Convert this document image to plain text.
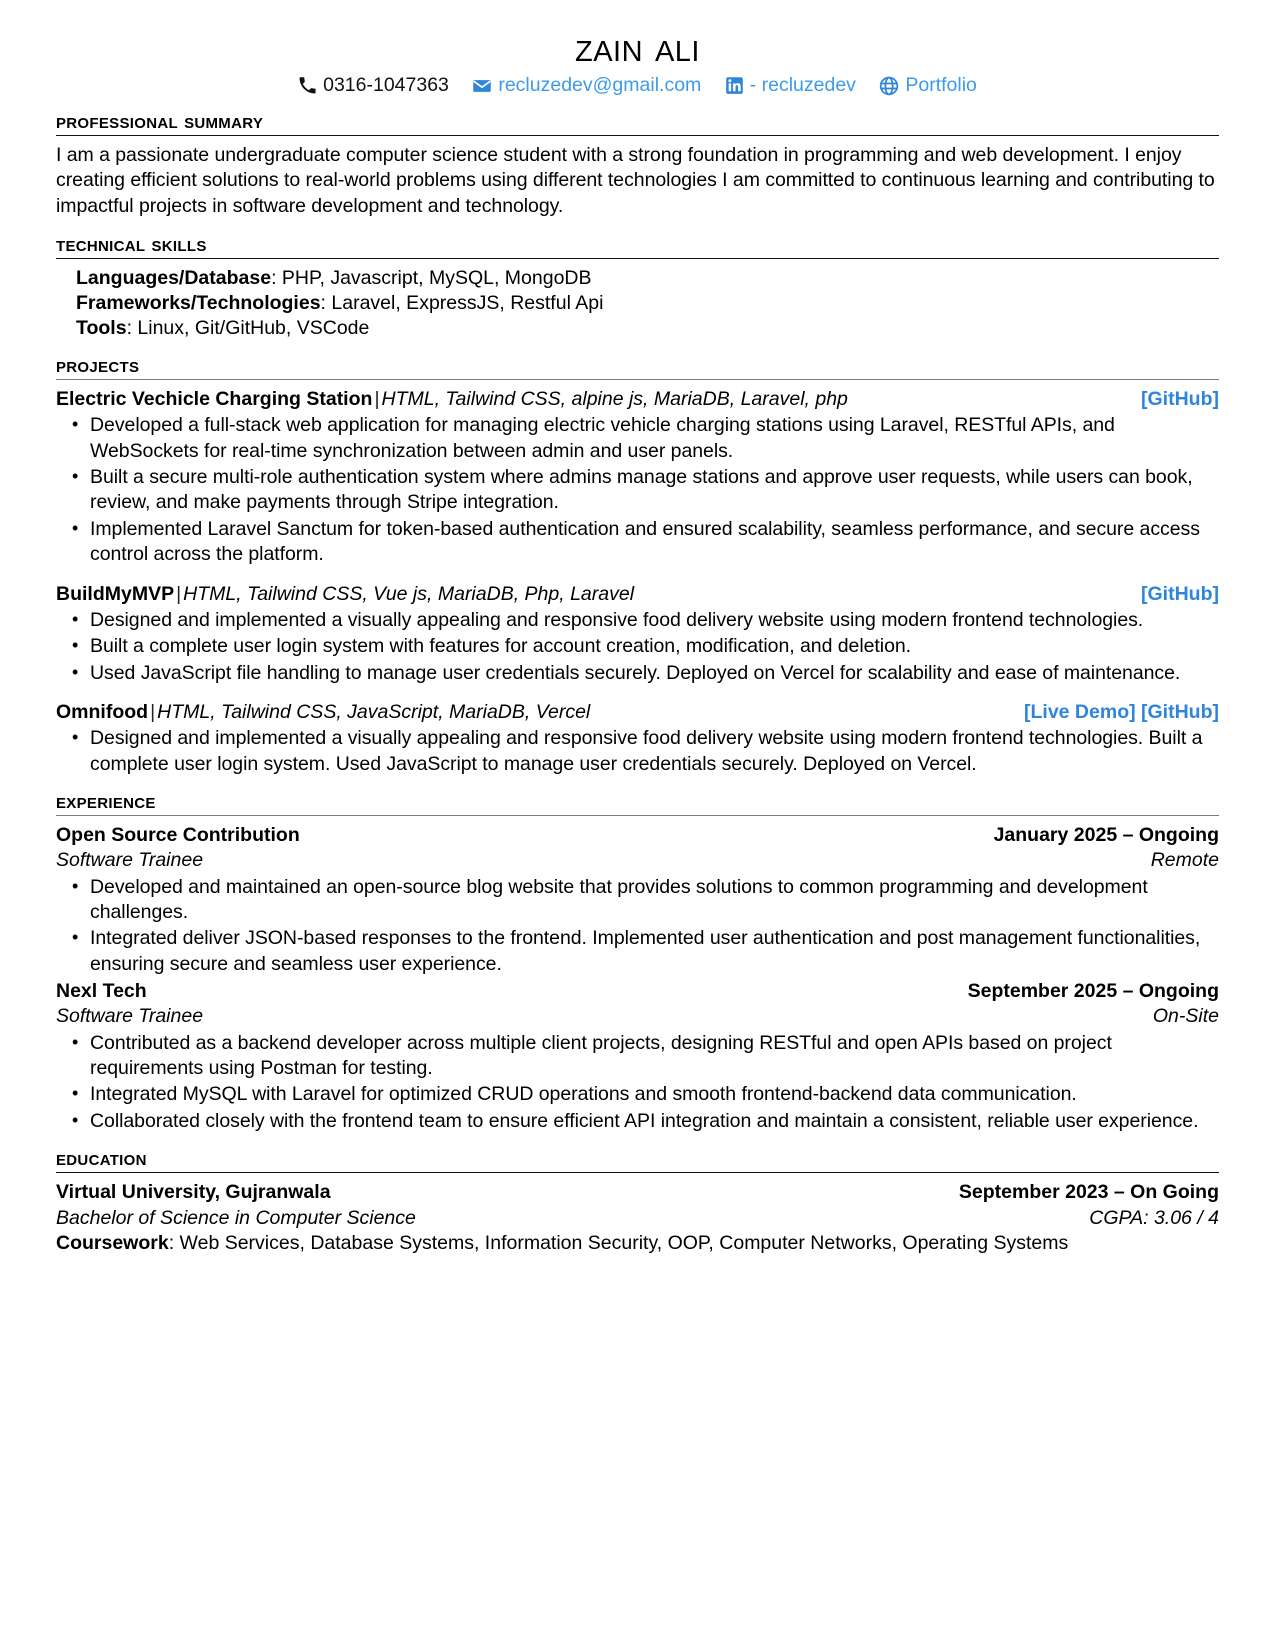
zain ali
0316-1047363
	recluzedev@gmail.com
- recluzedev
	Portfolio
professional summary

I am a passionate undergraduate computer science student with a strong foundation in programming and web development. I enjoy creating efficient solutions to real-world problems using different technologies I am committed to continuous learning and contributing to impactful projects in software development and technology.

technical skills
Languages/Database: PHP, Javascript, MySQL, MongoDB
Frameworks/Technologies: Laravel, ExpressJS, Restful Api
Tools: Linux, Git/GitHub, VSCode
projects
Electric Vechicle Charging Station | HTML, Tailwind CSS, alpine js, MariaDB, Laravel, php	[GitHub]
• Developed a full-stack web application for managing electric vehicle charging stations using Laravel, RESTful APIs, and WebSockets for real-time synchronization between admin and user panels.
• Built a secure multi-role authentication system where admins manage stations and approve user requests, while users can book, review, and make payments through Stripe integration.
• Implemented Laravel Sanctum for token-based authentication and ensured scalability, seamless performance, and secure access control across the platform.
BuildMyMVP | HTML, Tailwind CSS, Vue js, MariaDB, Php, Laravel	[GitHub]
• Designed and implemented a visually appealing and responsive food delivery website using modern frontend technologies.
• Built a complete user login system with features for account creation, modification, and deletion.
• Used JavaScript file handling to manage user credentials securely. Deployed on Vercel for scalability and ease of maintenance.
Omnifood | HTML, Tailwind CSS, JavaScript, MariaDB, Vercel	[Live Demo] [GitHub]
• Designed and implemented a visually appealing and responsive food delivery website using modern frontend technologies. Built a complete user login system. Used JavaScript to manage user credentials securely. Deployed on Vercel.
experience
Open Source Contribution	January 2025 – Ongoing
Software Trainee	Remote
• Developed and maintained an open-source blog website that provides solutions to common programming and development challenges.
• Integrated deliver JSON-based responses to the frontend. Implemented user authentication and post management functionalities, ensuring secure and seamless user experience.
Nexl Tech	September 2025 – Ongoing
Software Trainee	On-Site
• Contributed as a backend developer across multiple client projects, designing RESTful and open APIs based on project requirements using Postman for testing.
• Integrated MySQL with Laravel for optimized CRUD operations and smooth frontend-backend data communication.
• Collaborated closely with the frontend team to ensure efficient API integration and maintain a consistent, reliable user experience.
education
Virtual University, Gujranwala	September 2023 – On Going
Bachelor of Science in Computer Science	CGPA: 3.06 / 4
Coursework: Web Services, Database Systems, Information Security, OOP, Computer Networks, Operating Systems
